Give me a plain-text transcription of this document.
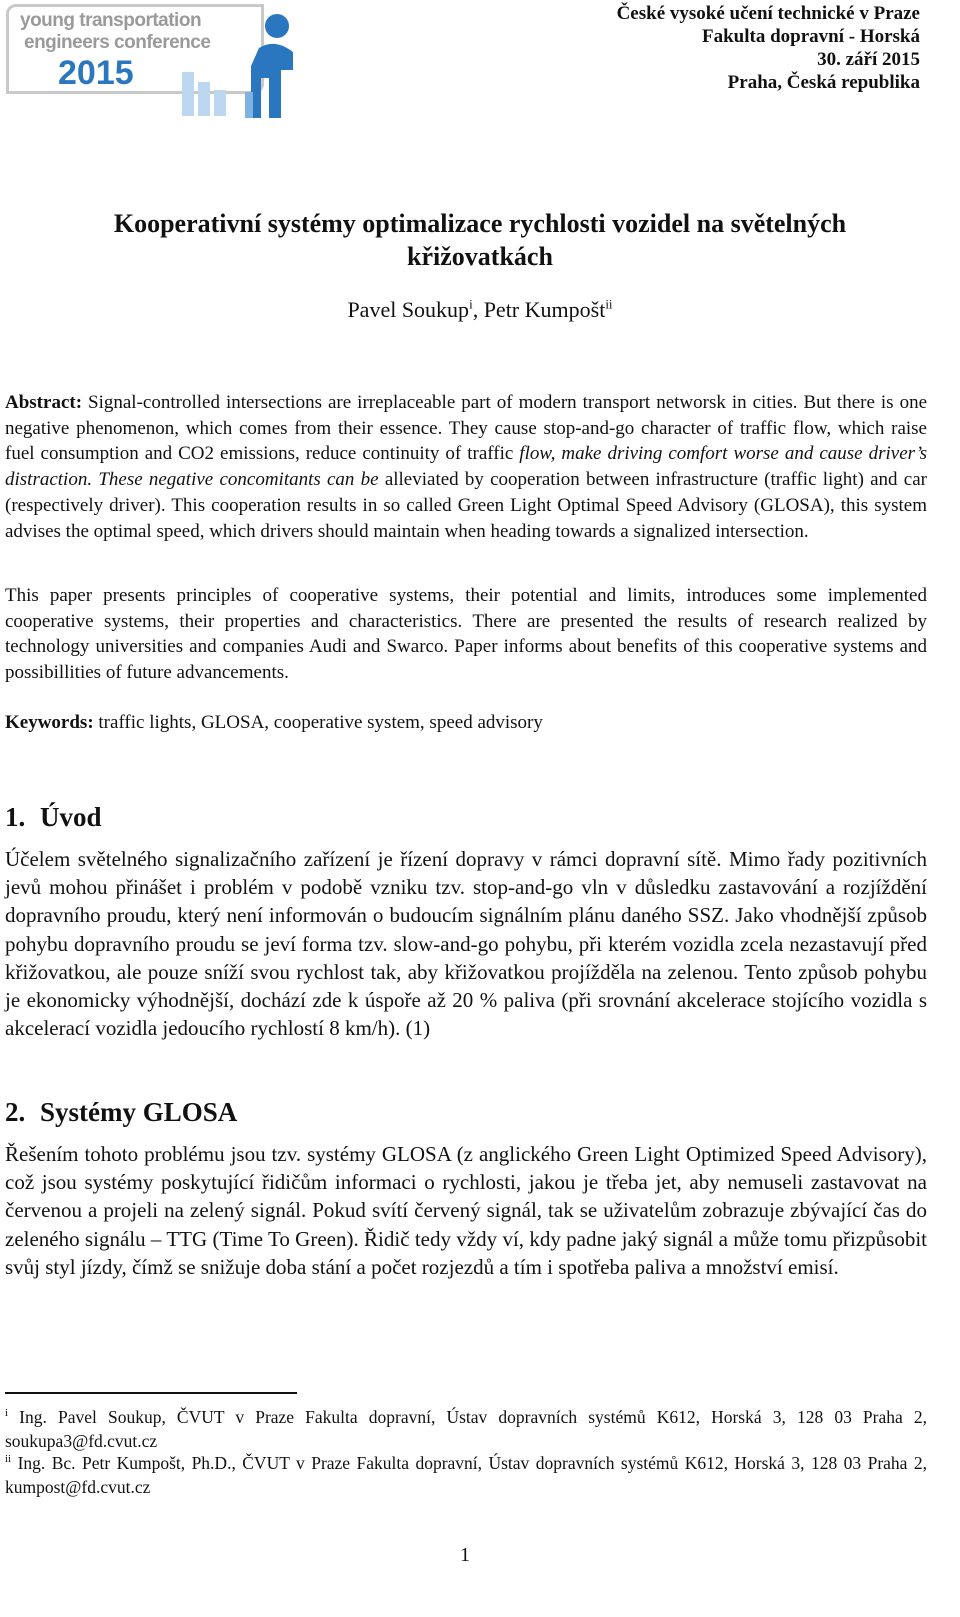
young transportation
engineers conference
2015
České vysoké učení technické v Praze
Fakulta dopravní - Horská
30. září 2015
Praha, Česká republika
Kooperativní systémy optimalizace rychlosti vozidel na světelných
křižovatkách
Pavel Soukup$^i$, Petr Kumpošt$^{ii}$
Abstract: Signal-controlled intersections are irreplaceable part of modern transport networsk in cities. But there is one negative phenomenon, which comes from their essence. They cause stop-and-go character of traffic flow, which raise fuel consumption and CO2 emissions, reduce continuity of traffic flow, make driving comfort worse and cause driver’s distraction. These negative concomitants can be alleviated by cooperation between infrastructure (traffic light) and car (respectively driver). This cooperation results in so called Green Light Optimal Speed Advisory (GLOSA), this system advises the optimal speed, which drivers should maintain when heading towards a signalized intersection.
This paper presents principles of cooperative systems, their potential and limits, introduces some implemented cooperative systems, their properties and characteristics. There are presented the results of research realized by technology universities and companies Audi and Swarco. Paper informs about benefits of this cooperative systems and possibillities of future advancements.
Keywords: traffic lights, GLOSA, cooperative system, speed advisory
1. Úvod
Účelem světelného signalizačního zařízení je řízení dopravy v rámci dopravní sítě. Mimo řady pozitivních jevů mohou přinášet i problém v podobě vzniku tzv. stop-and-go vln v důsledku zastavování a rozjíždění dopravního proudu, který není informován o budoucím signálním plánu daného SSZ. Jako vhodnější způsob pohybu dopravního proudu se jeví forma tzv. slow-and-go pohybu, při kterém vozidla zcela nezastavují před křižovatkou, ale pouze sníží svou rychlost tak, aby křižovatkou projížděla na zelenou. Tento způsob pohybu je ekonomicky výhodnější, dochází zde k úspoře až 20 % paliva (při srovnání akcelerace stojícího vozidla s akcelerací vozidla jedoucího rychlostí 8 km/h). (1)
2. Systémy GLOSA
Řešením tohoto problému jsou tzv. systémy GLOSA (z anglického Green Light Optimized Speed Advisory), což jsou systémy poskytující řidičům informaci o rychlosti, jakou je třeba jet, aby nemuseli zastavovat na červenou a projeli na zelený signál. Pokud svítí červený signál, tak se uživatelům zobrazuje zbývající čas do zeleného signálu – TTG (Time To Green). Řidič tedy vždy ví, kdy padne jaký signál a může tomu přizpůsobit svůj styl jízdy, čímž se snižuje doba stání a počet rozjezdů a tím i spotřeba paliva a množství emisí.
$^i$ Ing. Pavel Soukup, ČVUT v Praze Fakulta dopravní, Ústav dopravních systémů K612, Horská 3, 128 03 Praha 2, soukupa3@fd.cvut.cz
$^{ii}$ Ing. Bc. Petr Kumpošt, Ph.D., ČVUT v Praze Fakulta dopravní, Ústav dopravních systémů K612, Horská 3, 128 03 Praha 2, kumpost@fd.cvut.cz
1
